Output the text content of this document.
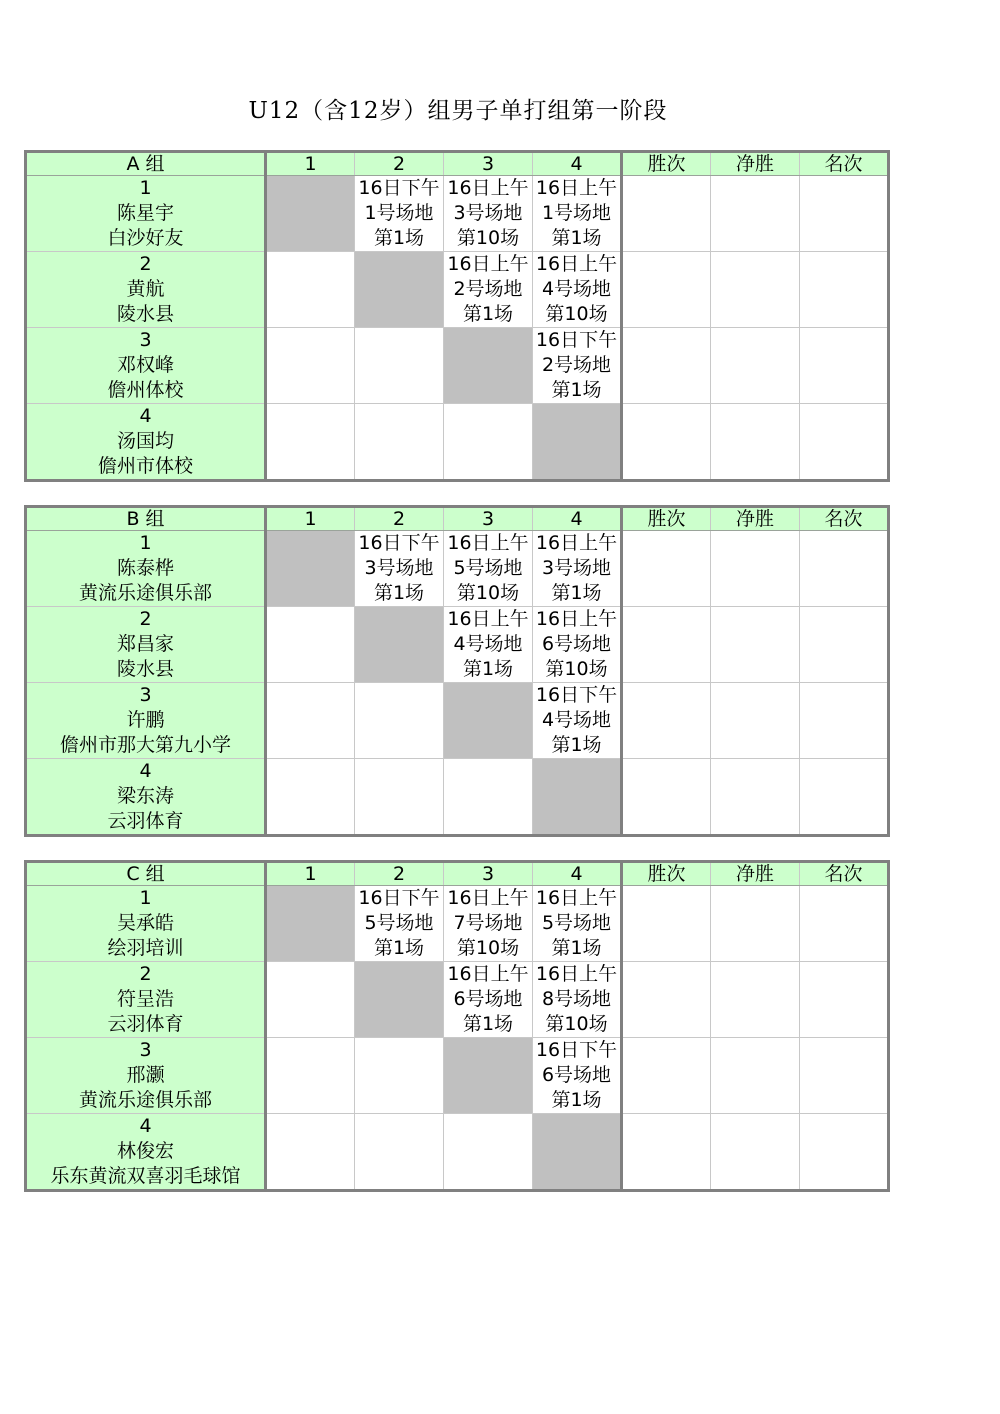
U12（含12岁）组男子单打组第一阶段
A 组	1	2	3	4	胜次	净胜	名次

1
陈星宇
白沙好友		16日下午
1号场地
第1场	16日上午
3号场地
第10场	16日上午
1号场地
第1场			

2
黄航
陵水县			16日上午
2号场地
第1场	16日上午
4号场地
第10场			

3
邓权峰
儋州体校				16日下午
2号场地
第1场			

4
汤国均
儋州市体校							

B 组	1	2	3	4	胜次	净胜	名次

1
陈泰桦
黄流乐途俱乐部		16日下午
3号场地
第1场	16日上午
5号场地
第10场	16日上午
3号场地
第1场			

2
郑昌家
陵水县			16日上午
4号场地
第1场	16日上午
6号场地
第10场			

3
许鹏
儋州市那大第九小学				16日下午
4号场地
第1场			

4
梁东涛
云羽体育							

C 组	1	2	3	4	胜次	净胜	名次

1
吴承皓
绘羽培训		16日下午
5号场地
第1场	16日上午
7号场地
第10场	16日上午
5号场地
第1场			

2
符呈浩
云羽体育			16日上午
6号场地
第1场	16日上午
8号场地
第10场			

3
邢灏
黄流乐途俱乐部				16日下午
6号场地
第1场			

4
林俊宏
乐东黄流双喜羽毛球馆							
